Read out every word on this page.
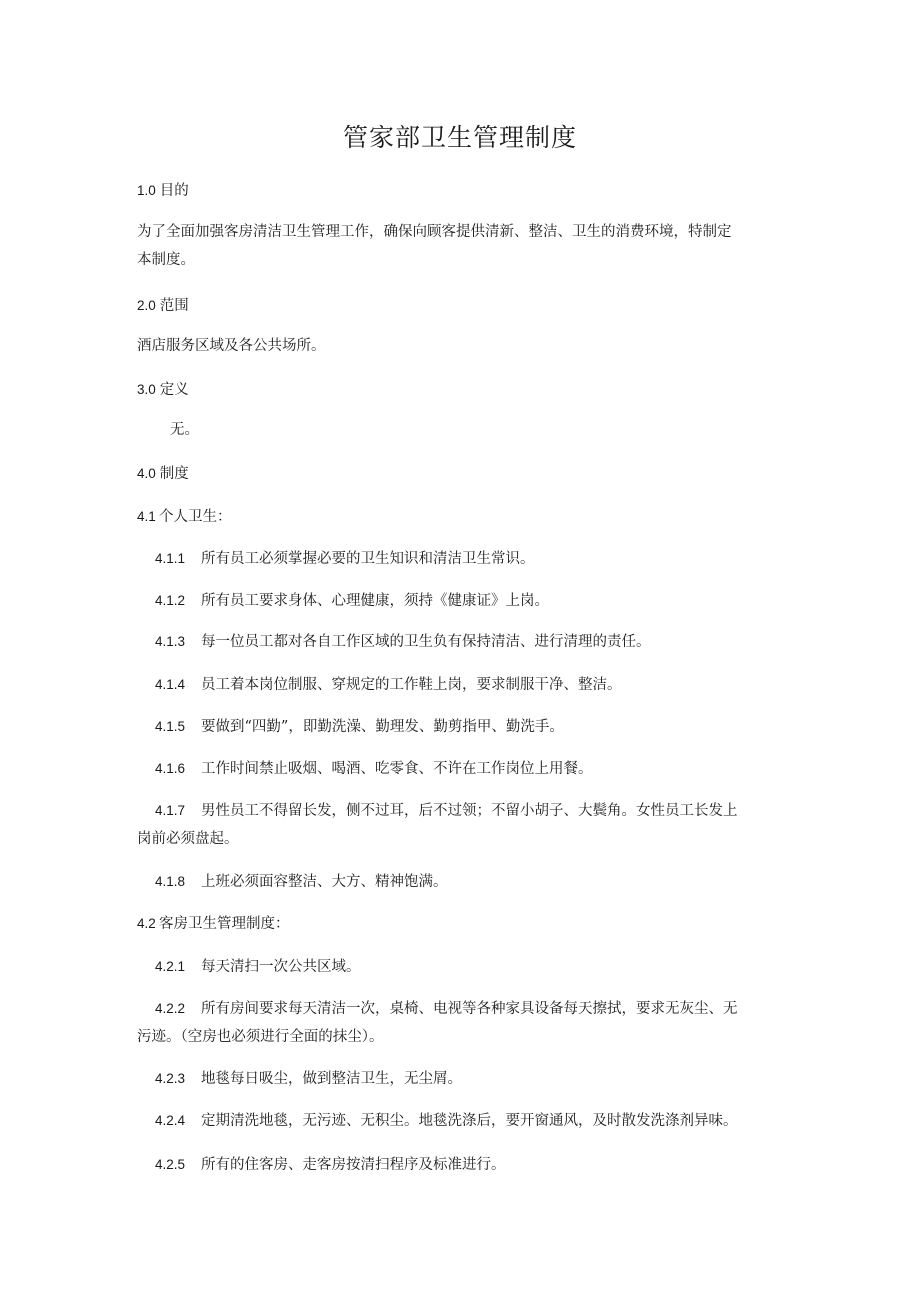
管家部卫生管理制度
1.0 目的
为了全面加强客房清洁卫生管理工作，确保向顾客提供清新、整洁、卫生的消费环境，特制定
本制度。
2.0 范围
酒店服务区域及各公共场所。
3.0 定义
无。
4.0 制度
4.1 个人卫生：
4.1.1 所有员工必须掌握必要的卫生知识和清洁卫生常识。
4.1.2 所有员工要求身体、心理健康，须持《健康证》上岗。
4.1.3 每一位员工都对各自工作区域的卫生负有保持清洁、进行清理的责任。
4.1.4 员工着本岗位制服、穿规定的工作鞋上岗，要求制服干净、整洁。
4.1.5 要做到“四勤”，即勤洗澡、勤理发、勤剪指甲、勤洗手。
4.1.6 工作时间禁止吸烟、喝酒、吃零食、不许在工作岗位上用餐。
4.1.7 男性员工不得留长发，侧不过耳，后不过领；不留小胡子、大鬓角。女性员工长发上
岗前必须盘起。
4.1.8 上班必须面容整洁、大方、精神饱满。
4.2 客房卫生管理制度：
4.2.1 每天清扫一次公共区域。
4.2.2 所有房间要求每天清洁一次，桌椅、电视等各种家具设备每天擦拭，要求无灰尘、无
污迹。（空房也必须进行全面的抹尘）。
4.2.3 地毯每日吸尘，做到整洁卫生，无尘屑。
4.2.4 定期清洗地毯，无污迹、无积尘。地毯洗涤后，要开窗通风，及时散发洗涤剂异味。
4.2.5 所有的住客房、走客房按清扫程序及标准进行。
